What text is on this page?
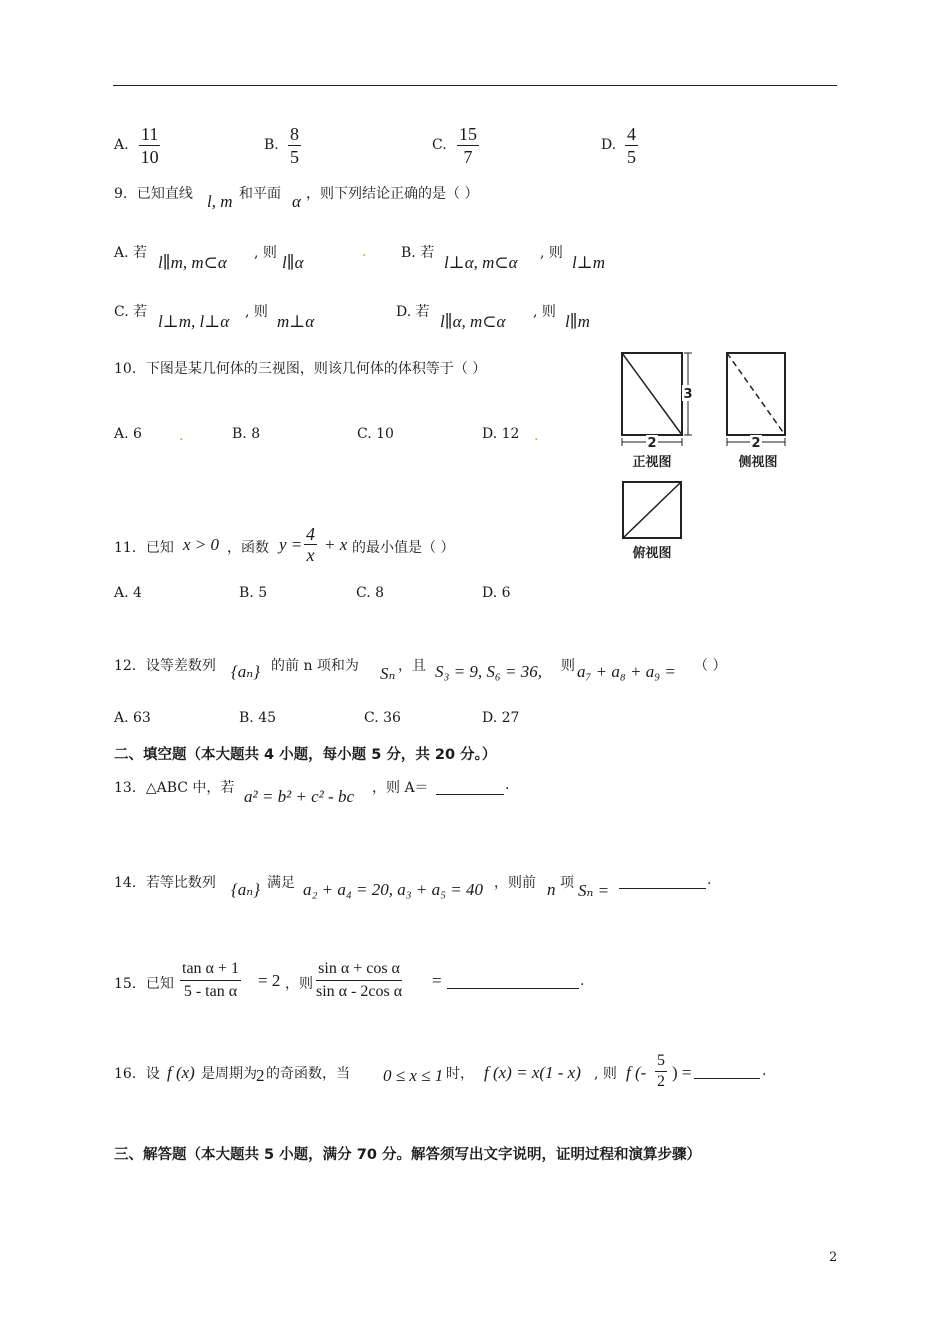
A. $\frac{11}{10}$	B. $\frac{8}{5}$	C. $\frac{15}{7}$	D. $\frac{4}{5}$
9．已知直线 l, m 和平面 α ，则下列结论正确的是（ ）
A. 若 l∥m, m⊂α , 则 l∥α
. B. 若 l⊥α, m⊂α , 则 l⊥m
C. 若 l⊥m, l⊥α , 则 m⊥α	D. 若 l∥α, m⊂α , 则 l∥m
10．下图是某几何体的三视图，则该几何体的体积等于（ ）
A. 6	.	B. 8	C. 10	D. 12 .
3
2
正视图
2
侧视图
俯视图
11．已知 x > 0 ，函数 $y = \frac{4}{x} + x$ 的最小值是（ ）
A. 4	B. 5	C. 8	D. 6
12．设等差数列 {aₙ} 的前 n 项和为 Sₙ ，且 S₃ = 9, S₆ = 36, 则 a₇ + a₈ + a₉ = （ ）
A. 63	B. 45	C. 36	D. 27
二、填空题（本大题共 4 小题，每小题 5 分，共 20 分。）
13．△ABC 中，若 a² = b² + c² - bc ，则 A＝	.
14．若等比数列 {aₙ} 满足 a₂ + a₄ = 20, a₃ + a₅ = 40 ，则前 n 项 Sₙ =
.
15．已知 $\frac{\text{tan α + 1}}{\text{5 - tan α}} = 2$ ，则 $\frac{\text{sin α + cos α}}{\text{sin α - 2cos α}}$ =	.
16．设 f (x) 是周期为 2 的奇函数，当 0 ≤ x ≤ 1 时， f (x) = x(1 - x) , 则 f (- $\frac{5}{2}$ ) =	.
三、解答题（本大题共 5 小题，满分 70 分。解答须写出文字说明，证明过程和演算步骤）
2
